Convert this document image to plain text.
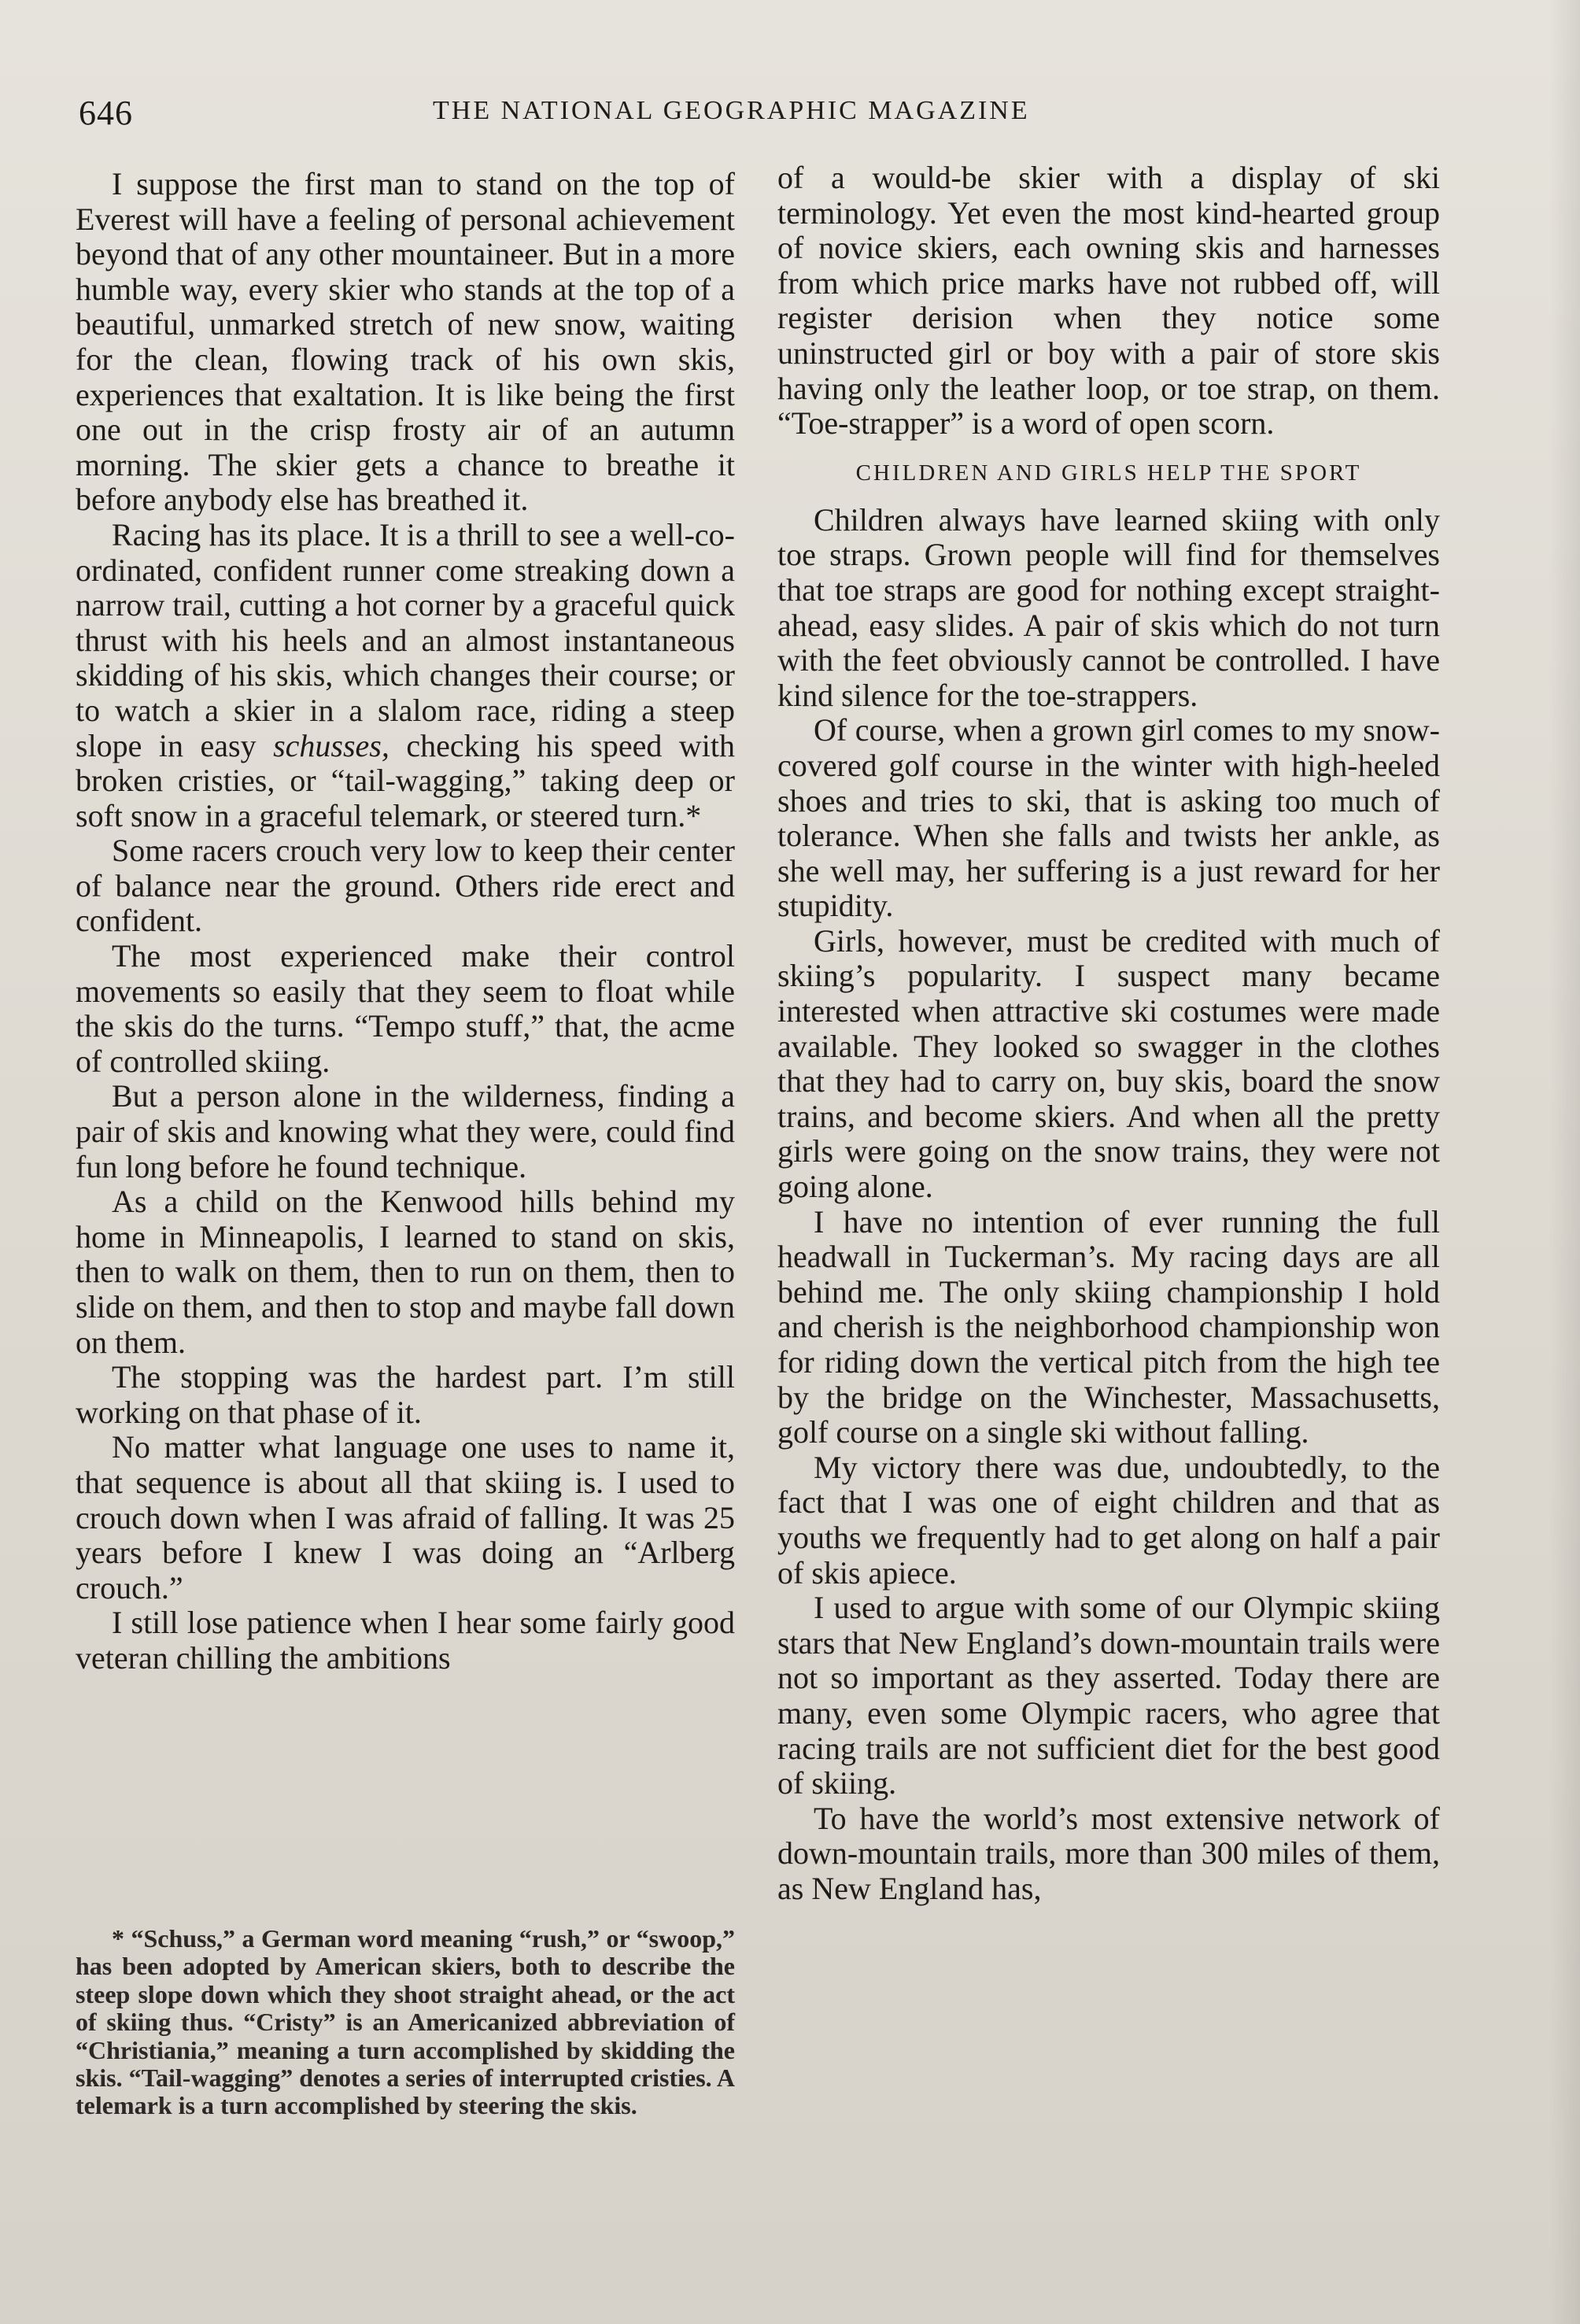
646	THE NATIONAL GEOGRAPHIC MAGAZINE

I suppose the first man to stand on the top of Everest will have a feeling of personal achievement beyond that of any other mountaineer. But in a more humble way, every skier who stands at the top of a beautiful, unmarked stretch of new snow, waiting for the clean, flowing track of his own skis, experiences that exaltation. It is like being the first one out in the crisp frosty air of an autumn morning. The skier gets a chance to breathe it before anybody else has breathed it.

Racing has its place. It is a thrill to see a well-co-ordinated, confident runner come streaking down a narrow trail, cutting a hot corner by a graceful quick thrust with his heels and an almost instantaneous skidding of his skis, which changes their course; or to watch a skier in a slalom race, riding a steep slope in easy schusses, checking his speed with broken cristies, or “tail-wagging,” taking deep or soft snow in a graceful telemark, or steered turn.*

Some racers crouch very low to keep their center of balance near the ground. Others ride erect and confident.

The most experienced make their control movements so easily that they seem to float while the skis do the turns. “Tempo stuff,” that, the acme of controlled skiing.

But a person alone in the wilderness, finding a pair of skis and knowing what they were, could find fun long before he found technique.

As a child on the Kenwood hills behind my home in Minneapolis, I learned to stand on skis, then to walk on them, then to run on them, then to slide on them, and then to stop and maybe fall down on them.

The stopping was the hardest part. I’m still working on that phase of it.

No matter what language one uses to name it, that sequence is about all that skiing is. I used to crouch down when I was afraid of falling. It was 25 years before I knew I was doing an “Arlberg crouch.”

I still lose patience when I hear some fairly good veteran chilling the ambitions

* “Schuss,” a German word meaning “rush,” or “swoop,” has been adopted by American skiers, both to describe the steep slope down which they shoot straight ahead, or the act of skiing thus. “Cristy” is an Americanized abbreviation of “Christiania,” meaning a turn accomplished by skidding the skis. “Tail-wagging” denotes a series of interrupted cristies. A telemark is a turn accomplished by steering the skis.

of a would-be skier with a display of ski terminology. Yet even the most kind-hearted group of novice skiers, each owning skis and harnesses from which price marks have not rubbed off, will register derision when they notice some uninstructed girl or boy with a pair of store skis having only the leather loop, or toe strap, on them. “Toe-strapper” is a word of open scorn.

CHILDREN AND GIRLS HELP THE SPORT

Children always have learned skiing with only toe straps. Grown people will find for themselves that toe straps are good for nothing except straight-ahead, easy slides. A pair of skis which do not turn with the feet obviously cannot be controlled. I have kind silence for the toe-strappers.

Of course, when a grown girl comes to my snow-covered golf course in the winter with high-heeled shoes and tries to ski, that is asking too much of tolerance. When she falls and twists her ankle, as she well may, her suffering is a just reward for her stupidity.

Girls, however, must be credited with much of skiing’s popularity. I suspect many became interested when attractive ski costumes were made available. They looked so swagger in the clothes that they had to carry on, buy skis, board the snow trains, and become skiers. And when all the pretty girls were going on the snow trains, they were not going alone.

I have no intention of ever running the full headwall in Tuckerman’s. My racing days are all behind me. The only skiing championship I hold and cherish is the neighborhood championship won for riding down the vertical pitch from the high tee by the bridge on the Winchester, Massachusetts, golf course on a single ski without falling.

My victory there was due, undoubtedly, to the fact that I was one of eight children and that as youths we frequently had to get along on half a pair of skis apiece.

I used to argue with some of our Olympic skiing stars that New England’s down-mountain trails were not so important as they asserted. Today there are many, even some Olympic racers, who agree that racing trails are not sufficient diet for the best good of skiing.

To have the world’s most extensive network of down-mountain trails, more than 300 miles of them, as New England has,
